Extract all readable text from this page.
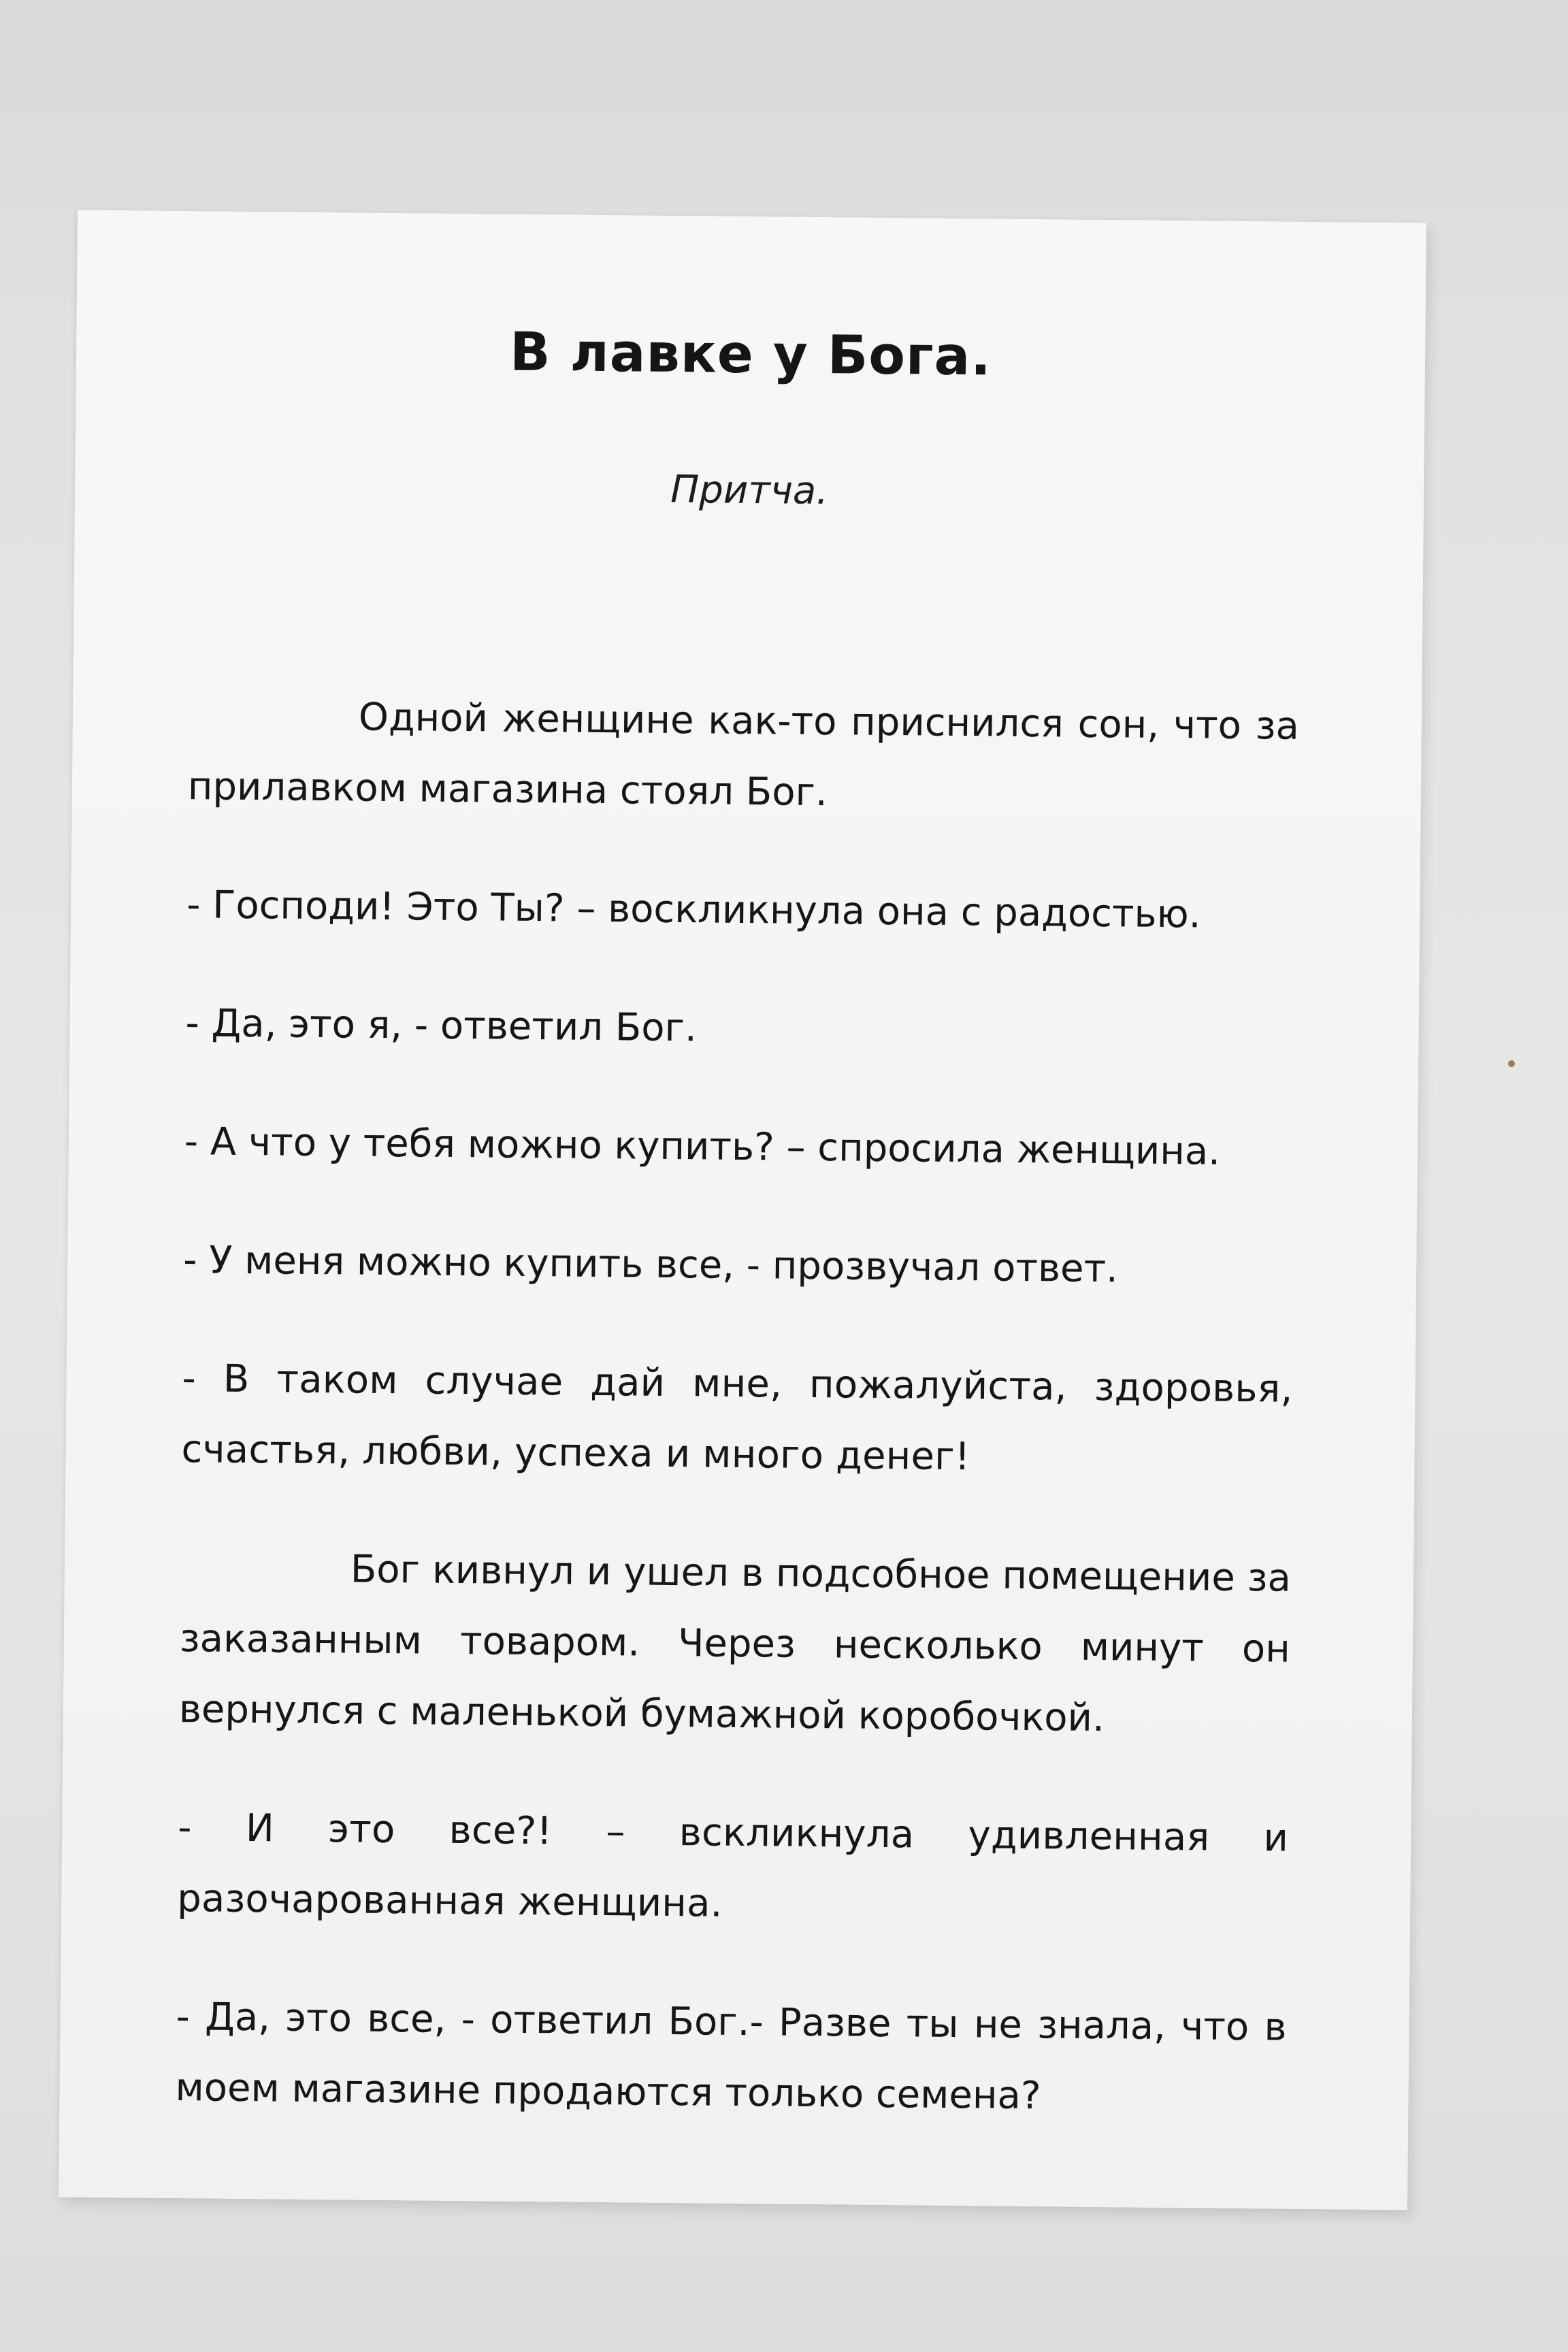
В лавке у Бога.
Притча.

Одной женщине как-то приснился сон, что за прилавком магазина стоял Бог.

- Господи! Это Ты? – воскликнула она с радостью.

- Да, это я, - ответил Бог.

- А что у тебя можно купить? – спросила женщина.

- У меня можно купить все, - прозвучал ответ.

- В таком случае дай мне, пожалуйста, здоровья, счастья, любви, успеха и много денег!

Бог кивнул и ушел в подсобное помещение за заказанным товаром. Через несколько минут он вернулся с маленькой бумажной коробочкой.

- И это все?! – вскликнула удивленная и разочарованная женщина.

- Да, это все, - ответил Бог.- Разве ты не знала, что в моем магазине продаются только семена?
